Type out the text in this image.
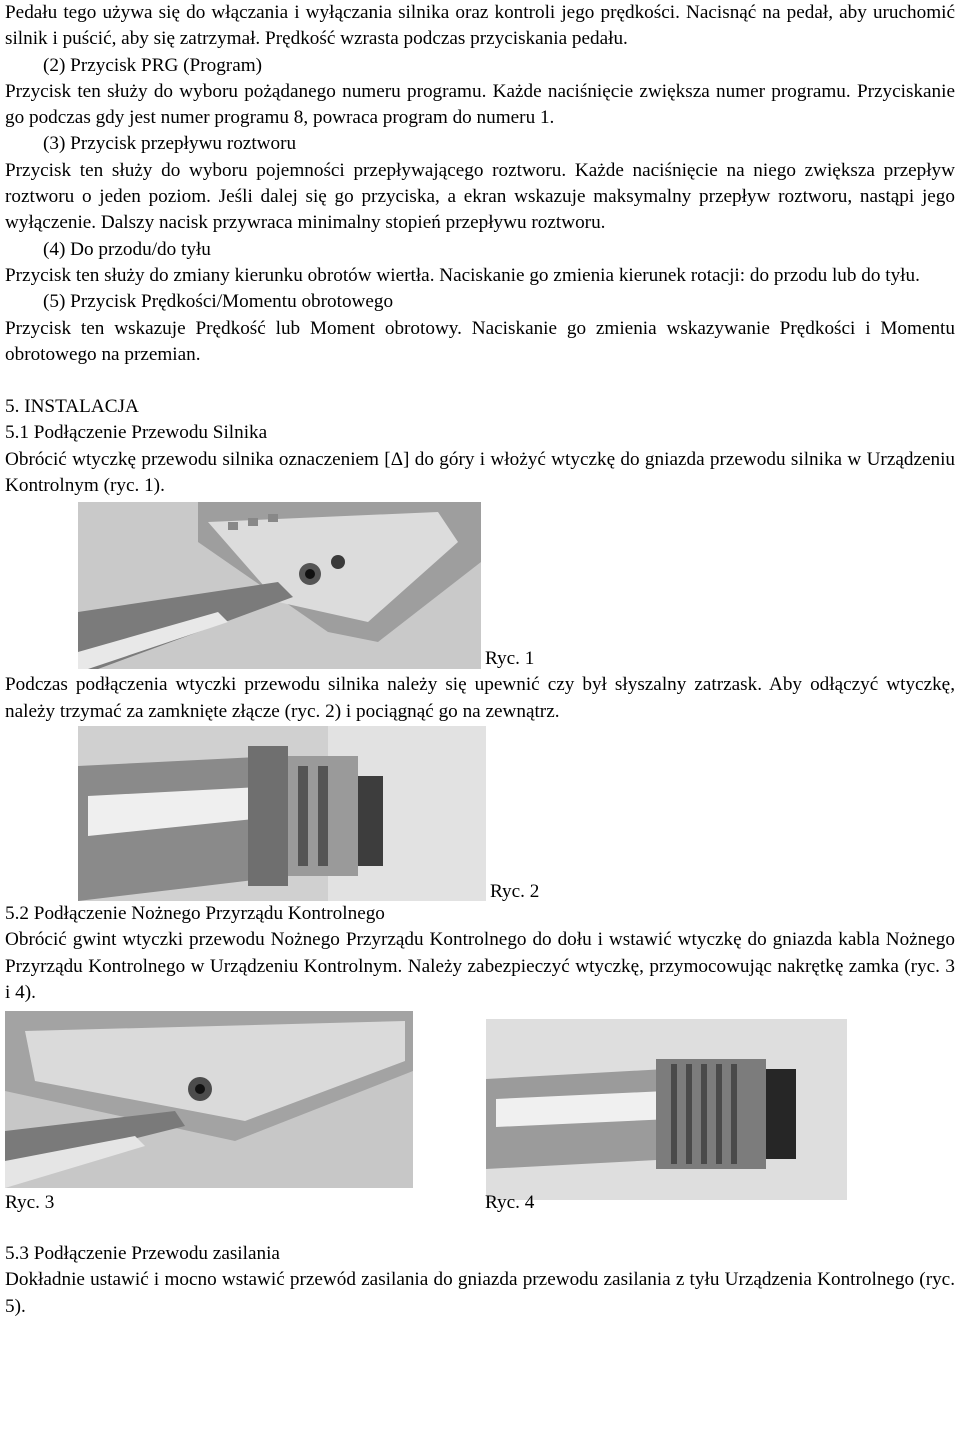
Pedału tego używa się do włączania i wyłączania silnika oraz kontroli jego prędkości. Nacisnąć na pedał, aby uruchomić silnik i puścić, aby się zatrzymał. Prędkość wzrasta podczas przyciskania pedału.

(2) Przycisk PRG (Program)

Przycisk ten służy do wyboru pożądanego numeru programu. Każde naciśnięcie zwiększa numer programu. Przyciskanie go podczas gdy jest numer programu 8, powraca program do numeru 1.

(3) Przycisk przepływu roztworu

Przycisk ten służy do wyboru pojemności przepływającego roztworu. Każde naciśnięcie na niego zwiększa przepływ roztworu o jeden poziom. Jeśli dalej się go przyciska, a ekran wskazuje maksymalny przepływ roztworu, nastąpi jego wyłączenie. Dalszy nacisk przywraca minimalny stopień przepływu roztworu.

(4) Do przodu/do tyłu

Przycisk ten służy do zmiany kierunku obrotów wiertła. Naciskanie go zmienia kierunek rotacji: do przodu lub do tyłu.

(5) Przycisk Prędkości/Momentu obrotowego

Przycisk ten wskazuje Prędkość lub Moment obrotowy. Naciskanie go zmienia wskazywanie Prędkości i Momentu obrotowego na przemian.

5. INSTALACJA

5.1 Podłączenie Przewodu Silnika

Obrócić wtyczkę przewodu silnika oznaczeniem [Δ] do góry i włożyć wtyczkę do gniazda przewodu silnika w Urządzeniu Kontrolnym (ryc. 1).

Ryc. 1

Podczas podłączenia wtyczki przewodu silnika należy się upewnić czy był słyszalny zatrzask. Aby odłączyć wtyczkę, należy trzymać za zamknięte złącze (ryc. 2) i pociągnąć go na zewnątrz.

Ryc. 2

5.2 Podłączenie Nożnego Przyrządu Kontrolnego

Obrócić gwint wtyczki przewodu Nożnego Przyrządu Kontrolnego do dołu i wstawić wtyczkę do gniazda kabla Nożnego Przyrządu Kontrolnego w Urządzeniu Kontrolnym. Należy zabezpieczyć wtyczkę, przymocowując nakrętkę zamka (ryc. 3 i 4).

Ryc. 3	Ryc. 4

5.3 Podłączenie Przewodu zasilania

Dokładnie ustawić i mocno wstawić przewód zasilania do gniazda przewodu zasilania z tyłu Urządzenia Kontrolnego (ryc. 5).
